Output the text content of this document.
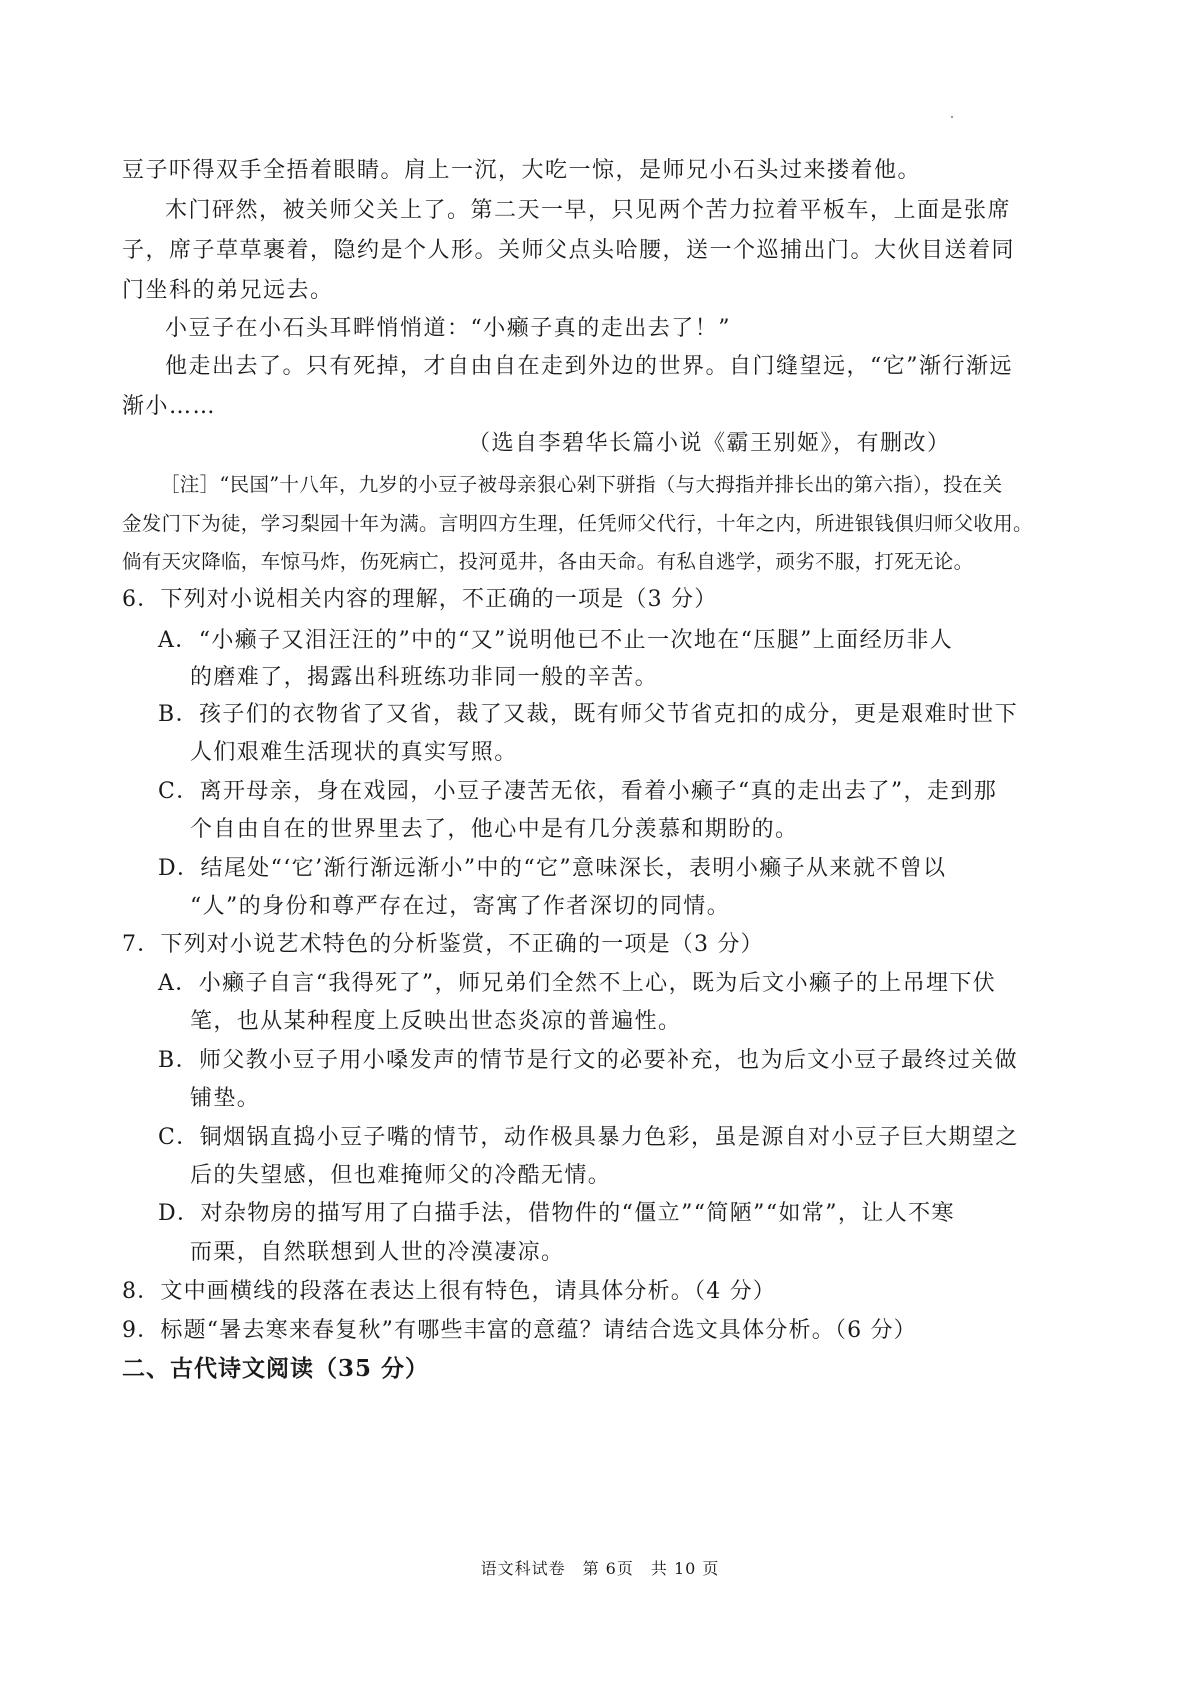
豆子吓得双手全捂着眼睛。肩上一沉，大吃一惊，是师兄小石头过来搂着他。
木门砰然，被关师父关上了。第二天一早，只见两个苦力拉着平板车，上面是张席
子，席子草草裹着，隐约是个人形。关师父点头哈腰，送一个巡捕出门。大伙目送着同
门坐科的弟兄远去。
小豆子在小石头耳畔悄悄道：“小癞子真的走出去了！”
他走出去了。只有死掉，才自由自在走到外边的世界。自门缝望远，“它”渐行渐远
渐小……
（选自李碧华长篇小说《霸王别姬》，有删改）
［注］“民国”十八年，九岁的小豆子被母亲狠心剁下骈指（与大拇指并排长出的第六指），投在关
金发门下为徒，学习梨园十年为满。言明四方生理，任凭师父代行，十年之内，所进银钱俱归师父收用。
倘有天灾降临，车惊马炸，伤死病亡，投河觅井，各由天命。有私自逃学，顽劣不服，打死无论。
6．下列对小说相关内容的理解，不正确的一项是（3 分）
A．“小癞子又泪汪汪的”中的“又”说明他已不止一次地在“压腿”上面经历非人
的磨难了，揭露出科班练功非同一般的辛苦。
B．孩子们的衣物省了又省，裁了又裁，既有师父节省克扣的成分，更是艰难时世下
人们艰难生活现状的真实写照。
C．离开母亲，身在戏园，小豆子凄苦无依，看着小癞子“真的走出去了”，走到那
个自由自在的世界里去了，他心中是有几分羡慕和期盼的。
D．结尾处“‘它’渐行渐远渐小”中的“它”意味深长，表明小癞子从来就不曾以
“人”的身份和尊严存在过，寄寓了作者深切的同情。
7．下列对小说艺术特色的分析鉴赏，不正确的一项是（3 分）
A．小癞子自言“我得死了”，师兄弟们全然不上心，既为后文小癞子的上吊埋下伏
笔，也从某种程度上反映出世态炎凉的普遍性。
B．师父教小豆子用小嗓发声的情节是行文的必要补充，也为后文小豆子最终过关做
铺垫。
C．铜烟锅直捣小豆子嘴的情节，动作极具暴力色彩，虽是源自对小豆子巨大期望之
后的失望感，但也难掩师父的冷酷无情。
D．对杂物房的描写用了白描手法，借物件的“僵立”“简陋”“如常”，让人不寒
而栗，自然联想到人世的冷漠凄凉。
8．文中画横线的段落在表达上很有特色，请具体分析。（4 分）
9．标题“暑去寒来春复秋”有哪些丰富的意蕴？请结合选文具体分析。（6 分）
二、古代诗文阅读（35 分）
语文科试卷　第 6页　共 10 页
